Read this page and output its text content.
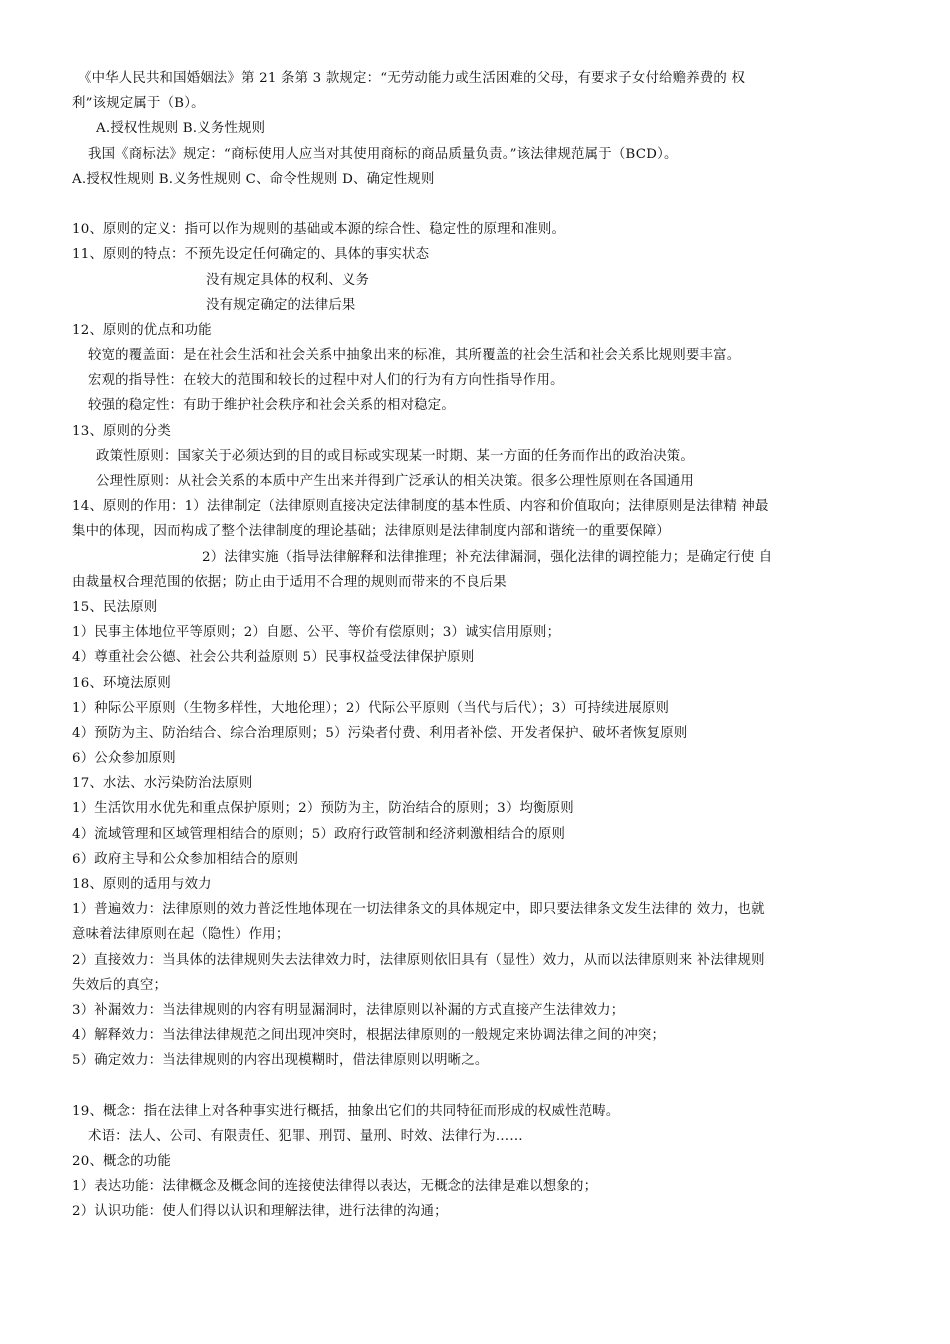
《中华人民共和国婚姻法》第 21 条第 3 款规定：“无劳动能力或生活困难的父母，有要求子女付给赡养费的 权
利”该规定属于（B）。
A.授权性规则 B.义务性规则
我国《商标法》规定：“商标使用人应当对其使用商标的商品质量负责。”该法律规范属于（BCD）。
A.授权性规则 B.义务性规则 C、命令性规则 D、确定性规则
10、原则的定义：指可以作为规则的基础或本源的综合性、稳定性的原理和准则。
11、原则的特点：不预先设定任何确定的、具体的事实状态
没有规定具体的权利、义务
没有规定确定的法律后果
12、原则的优点和功能
较宽的覆盖面：是在社会生活和社会关系中抽象出来的标准，其所覆盖的社会生活和社会关系比规则要丰富。
宏观的指导性：在较大的范围和较长的过程中对人们的行为有方向性指导作用。
较强的稳定性：有助于维护社会秩序和社会关系的相对稳定。
13、原则的分类
政策性原则：国家关于必须达到的目的或目标或实现某一时期、某一方面的任务而作出的政治决策。
公理性原则：从社会关系的本质中产生出来并得到广泛承认的相关决策。很多公理性原则在各国通用
14、原则的作用：1）法律制定（法律原则直接决定法律制度的基本性质、内容和价值取向；法律原则是法律精 神最
集中的体现，因而构成了整个法律制度的理论基础；法律原则是法律制度内部和谐统一的重要保障）
2）法律实施（指导法律解释和法律推理；补充法律漏洞，强化法律的调控能力；是确定行使 自
由裁量权合理范围的依据；防止由于适用不合理的规则而带来的不良后果
15、民法原则
1）民事主体地位平等原则；2）自愿、公平、等价有偿原则；3）诚实信用原则；
4）尊重社会公德、社会公共利益原则 5）民事权益受法律保护原则
16、环境法原则
1）种际公平原则（生物多样性，大地伦理）；2）代际公平原则（当代与后代）；3）可持续进展原则
4）预防为主、防治结合、综合治理原则；5）污染者付费、利用者补偿、开发者保护、破坏者恢复原则
6）公众参加原则
17、水法、水污染防治法原则
1）生活饮用水优先和重点保护原则；2）预防为主，防治结合的原则；3）均衡原则
4）流域管理和区域管理相结合的原则；5）政府行政管制和经济刺激相结合的原则
6）政府主导和公众参加相结合的原则
18、原则的适用与效力
1）普遍效力：法律原则的效力普泛性地体现在一切法律条文的具体规定中，即只要法律条文发生法律的 效力，也就
意味着法律原则在起（隐性）作用；
2）直接效力：当具体的法律规则失去法律效力时，法律原则依旧具有（显性）效力，从而以法律原则来 补法律规则
失效后的真空；
3）补漏效力：当法律规则的内容有明显漏洞时，法律原则以补漏的方式直接产生法律效力；
4）解释效力：当法律法律规范之间出现冲突时，根据法律原则的一般规定来协调法律之间的冲突；
5）确定效力：当法律规则的内容出现模糊时，借法律原则以明晰之。
19、概念：指在法律上对各种事实进行概括，抽象出它们的共同特征而形成的权威性范畴。
术语：法人、公司、有限责任、犯罪、刑罚、量刑、时效、法律行为……
20、概念的功能
1）表达功能：法律概念及概念间的连接使法律得以表达，无概念的法律是难以想象的；
2）认识功能：使人们得以认识和理解法律，进行法律的沟通；
